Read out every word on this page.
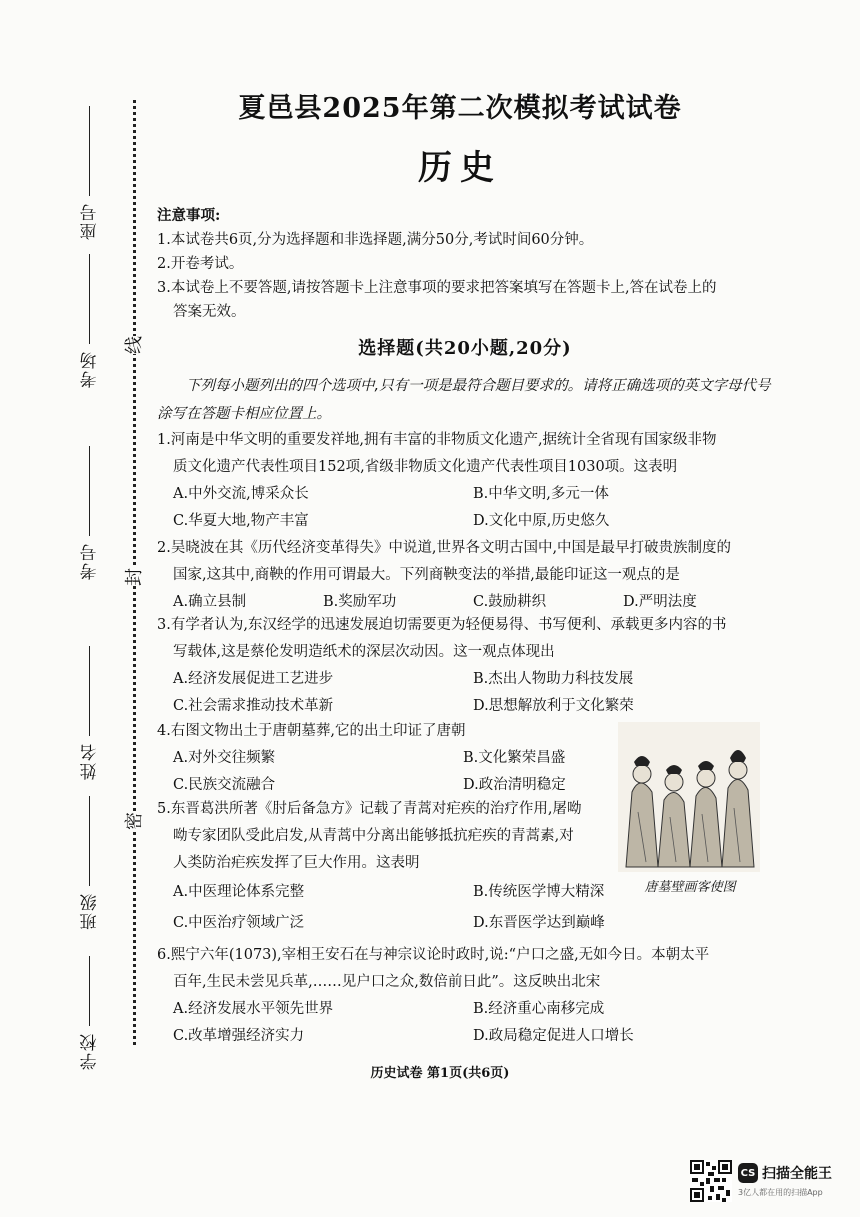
座号
考场
考号
姓名
班级
学校
线
封
密
夏邑县2025年第二次模拟考试试卷
历史
注意事项:
1.本试卷共6页,分为选择题和非选择题,满分50分,考试时间60分钟。
2.开卷考试。
3.本试卷上不要答题,请按答题卡上注意事项的要求把答案填写在答题卡上,答在试卷上的
答案无效。
选择题(共20小题,20分)
下列每小题列出的四个选项中,只有一项是最符合题目要求的。请将正确选项的英文字母代号涂写在答题卡相应位置上。
1.河南是中华文明的重要发祥地,拥有丰富的非物质文化遗产,据统计全省现有国家级非物
质文化遗产代表性项目152项,省级非物质文化遗产代表性项目1030项。这表明
A.中外交流,博采众长	B.中华文明,多元一体
C.华夏大地,物产丰富	D.文化中原,历史悠久
2.吴晓波在其《历代经济变革得失》中说道,世界各文明古国中,中国是最早打破贵族制度的
国家,这其中,商鞅的作用可谓最大。下列商鞅变法的举措,最能印证这一观点的是
A.确立县制	B.奖励军功	C.鼓励耕织	D.严明法度
3.有学者认为,东汉经学的迅速发展迫切需要更为轻便易得、书写便利、承载更多内容的书
写载体,这是蔡伦发明造纸术的深层次动因。这一观点体现出
A.经济发展促进工艺进步	B.杰出人物助力科技发展
C.社会需求推动技术革新	D.思想解放利于文化繁荣
4.右图文物出土于唐朝墓葬,它的出土印证了唐朝
A.对外交往频繁	B.文化繁荣昌盛
C.民族交流融合	D.政治清明稳定
5.东晋葛洪所著《肘后备急方》记载了青蒿对疟疾的治疗作用,屠呦
呦专家团队受此启发,从青蒿中分离出能够抵抗疟疾的青蒿素,对
人类防治疟疾发挥了巨大作用。这表明
A.中医理论体系完整	B.传统医学博大精深
C.中医治疗领域广泛	D.东晋医学达到巅峰
6.熙宁六年(1073),宰相王安石在与神宗议论时政时,说:“户口之盛,无如今日。本朝太平
百年,生民未尝见兵革,……见户口之众,数倍前日此”。这反映出北宋
A.经济发展水平领先世界	B.经济重心南移完成
C.改革增强经济实力	D.政局稳定促进人口增长
唐墓壁画客使图
历史试卷 第1页(共6页)
CS 扫描全能王
3亿人都在用的扫描App
